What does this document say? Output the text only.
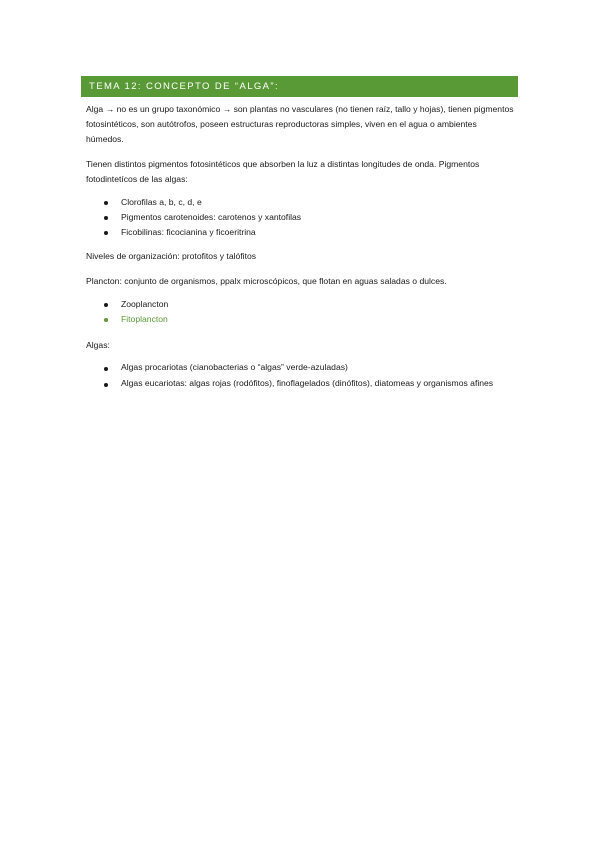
TEMA 12: CONCEPTO DE “ALGA”:

Alga → no es un grupo taxonómico → son plantas no vasculares (no tienen raíz, tallo y hojas), tienen pigmentos fotosintéticos, son autótrofos, poseen estructuras reproductoras simples, viven en el agua o ambientes húmedos.

Tienen distintos pigmentos fotosintéticos que absorben la luz a distintas longitudes de onda. Pigmentos fotodintetícos de las algas:

Clorofilas a, b, c, d, e
Pigmentos carotenoides: carotenos y xantofilas
Ficobilinas: ficocianina y ficoeritrina

Niveles de organización: protofitos y talófitos

Plancton: conjunto de organismos, ppalx microscópicos, que flotan en aguas saladas o dulces.

Zooplancton
Fitoplancton

Algas:

Algas procariotas (cianobacterias o “algas” verde-azuladas)
Algas eucariotas: algas rojas (rodófitos), finoflagelados (dinófitos), diatomeas y organismos afines
